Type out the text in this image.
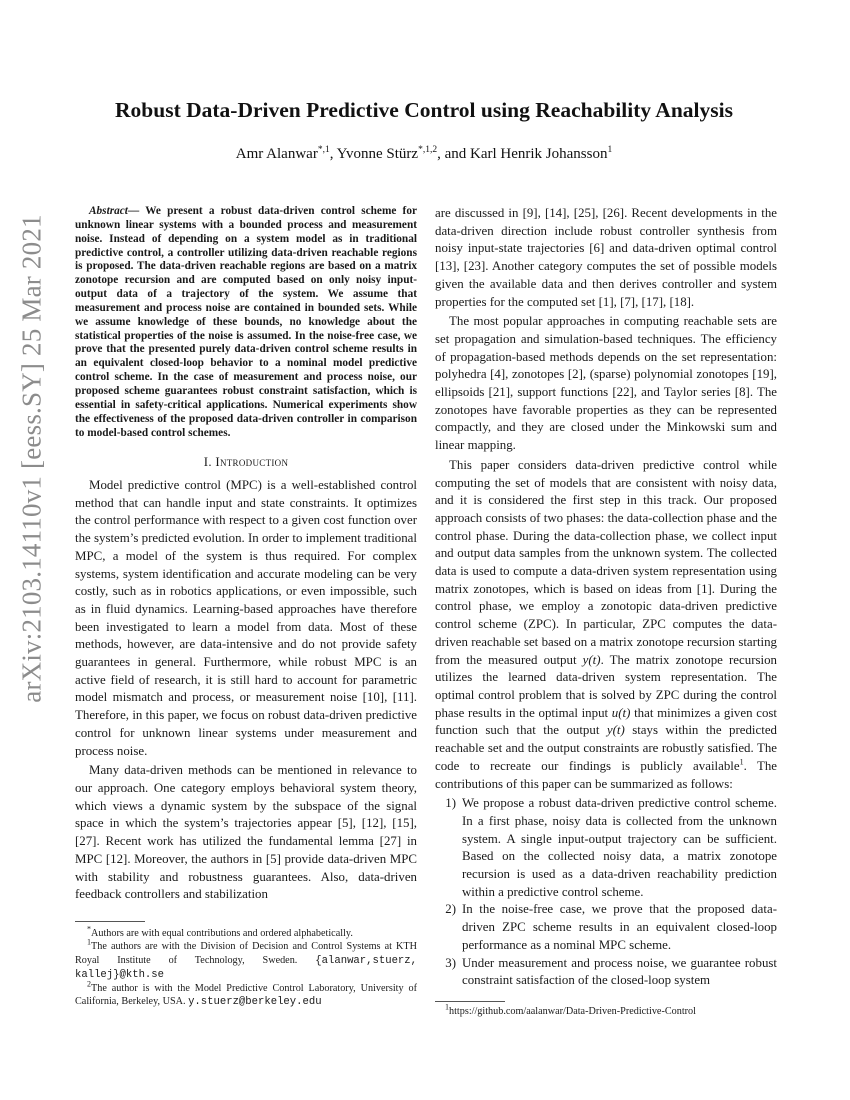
arXiv:2103.14110v1 [eess.SY] 25 Mar 2021
Robust Data-Driven Predictive Control using Reachability Analysis
Amr Alanwar$^{*,1}$, Yvonne Stürz$^{*,1,2}$, and Karl Henrik Johansson$^1$

Abstract— We present a robust data-driven control scheme for unknown linear systems with a bounded process and measurement noise. Instead of depending on a system model as in traditional predictive control, a controller utilizing data-driven reachable regions is proposed. The data-driven reachable regions are based on a matrix zonotope recursion and are computed based on only noisy input-output data of a trajectory of the system. We assume that measurement and process noise are contained in bounded sets. While we assume knowledge of these bounds, no knowledge about the statistical properties of the noise is assumed. In the noise-free case, we prove that the presented purely data-driven control scheme results in an equivalent closed-loop behavior to a nominal model predictive control scheme. In the case of measurement and process noise, our proposed scheme guarantees robust constraint satisfaction, which is essential in safety-critical applications. Numerical experiments show the effectiveness of the proposed data-driven controller in comparison to model-based control schemes.

I. Introduction

Model predictive control (MPC) is a well-established control method that can handle input and state constraints. It optimizes the control performance with respect to a given cost function over the system’s predicted evolution. In order to implement traditional MPC, a model of the system is thus required. For complex systems, system identification and accurate modeling can be very costly, such as in robotics applications, or even impossible, such as in fluid dynamics. Learning-based approaches have therefore been investigated to learn a model from data. Most of these methods, however, are data-intensive and do not provide safety guarantees in general. Furthermore, while robust MPC is an active field of research, it is still hard to account for parametric model mismatch and process, or measurement noise [10], [11]. Therefore, in this paper, we focus on robust data-driven predictive control for unknown linear systems under measurement and process noise.

Many data-driven methods can be mentioned in relevance to our approach. One category employs behavioral system theory, which views a dynamic system by the subspace of the signal space in which the system’s trajectories appear [5], [12], [15], [27]. Recent work has utilized the fundamental lemma [27] in MPC [12]. Moreover, the authors in [5] provide data-driven MPC with stability and robustness guarantees. Also, data-driven feedback controllers and stabilization

*Authors are with equal contributions and ordered alphabetically.

$^1$The authors are with the Division of Decision and Control Systems at KTH Royal Institute of Technology, Sweden. {alanwar,stuerz, kallej}@kth.se

$^2$The author is with the Model Predictive Control Laboratory, University of California, Berkeley, USA. y.stuerz@berkeley.edu

are discussed in [9], [14], [25], [26]. Recent developments in the data-driven direction include robust controller synthesis from noisy input-state trajectories [6] and data-driven optimal control [13], [23]. Another category computes the set of possible models given the available data and then derives controller and system properties for the computed set [1], [7], [17], [18].

The most popular approaches in computing reachable sets are set propagation and simulation-based techniques. The efficiency of propagation-based methods depends on the set representation: polyhedra [4], zonotopes [2], (sparse) polynomial zonotopes [19], ellipsoids [21], support functions [22], and Taylor series [8]. The zonotopes have favorable properties as they can be represented compactly, and they are closed under the Minkowski sum and linear mapping.

This paper considers data-driven predictive control while computing the set of models that are consistent with noisy data, and it is considered the first step in this track. Our proposed approach consists of two phases: the data-collection phase and the control phase. During the data-collection phase, we collect input and output data samples from the unknown system. The collected data is used to compute a data-driven system representation using matrix zonotopes, which is based on ideas from [1]. During the control phase, we employ a zonotopic data-driven predictive control scheme (ZPC). In particular, ZPC computes the data-driven reachable set based on a matrix zonotope recursion starting from the measured output y(t). The matrix zonotope recursion utilizes the learned data-driven system representation. The optimal control problem that is solved by ZPC during the control phase results in the optimal input u(t) that minimizes a given cost function such that the output y(t) stays within the predicted reachable set and the output constraints are robustly satisfied. The code to recreate our findings is publicly available$^1$. The contributions of this paper can be summarized as follows:

1) We propose a robust data-driven predictive control scheme. In a first phase, noisy data is collected from the unknown system. A single input-output trajectory can be sufficient. Based on the collected noisy data, a matrix zonotope recursion is used as a data-driven reachability prediction within a predictive control scheme.
2) In the noise-free case, we prove that the proposed data-driven ZPC scheme results in an equivalent closed-loop performance as a nominal MPC scheme.
3) Under measurement and process noise, we guarantee robust constraint satisfaction of the closed-loop system
$^1$https://github.com/aalanwar/Data-Driven-Predictive-Control
